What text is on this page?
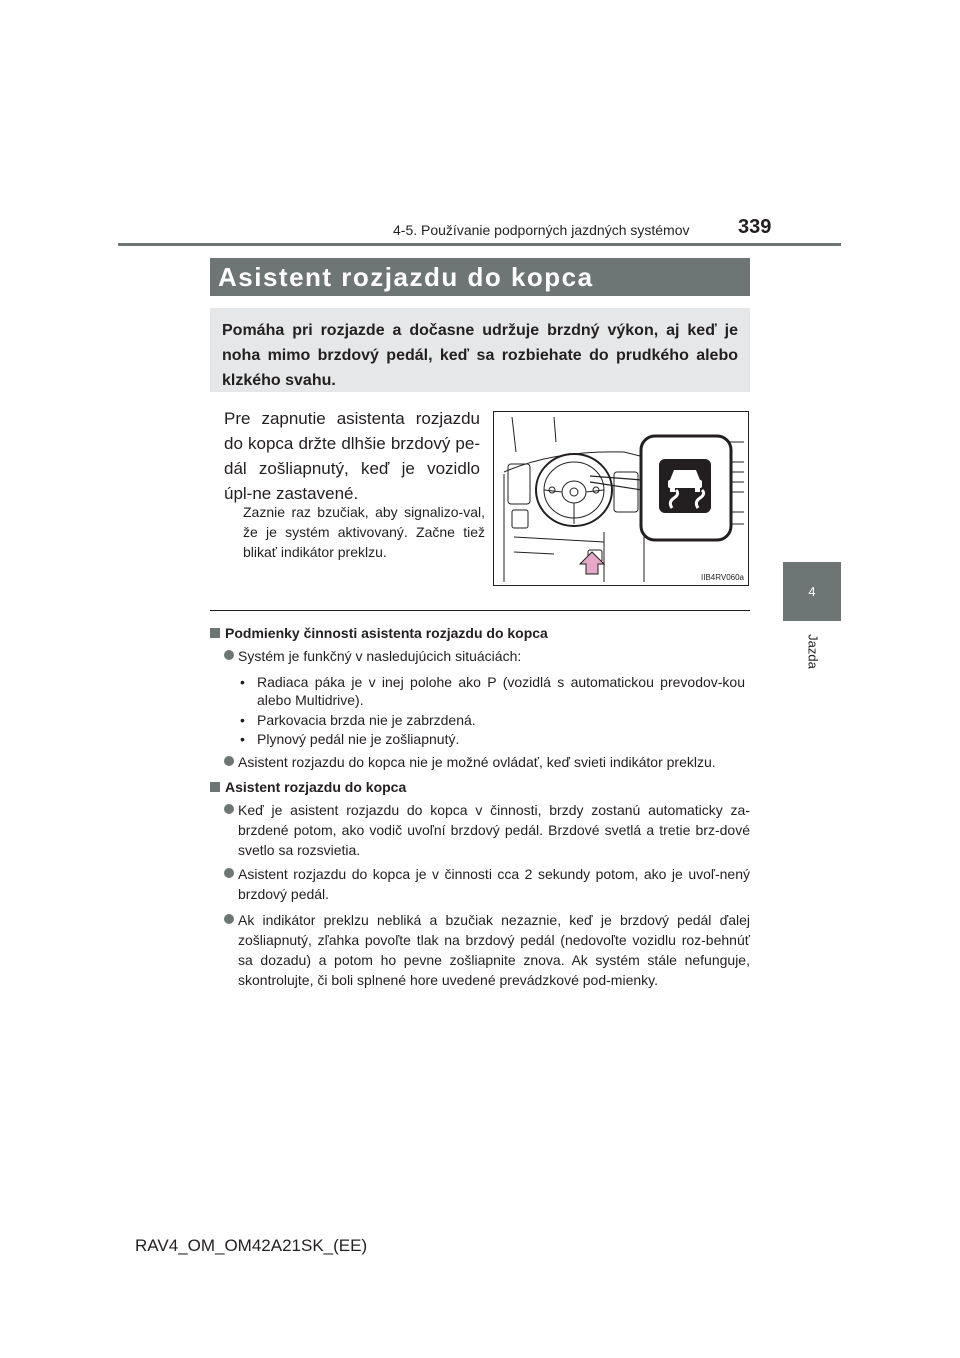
4-5. Používanie podporných jazdných systémov 339
4
Jazda
Asistent rozjazdu do kopca
Pomáha pri rozjazde a dočasne udržuje brzdný výkon, aj keď je noha mimo brzdový pedál, keď sa rozbiehate do prudkého alebo klzkého svahu.
Pre zapnutie asistenta rozjazdu do kopca držte dlhšie brzdový pe-dál zošliapnutý, keď je vozidlo úpl-ne zastavené.
Zaznie raz bzučiak, aby signalizo-val, že je systém aktivovaný. Začne tiež blikať indikátor preklzu.
IIB4RV060a
Podmienky činnosti asistenta rozjazdu do kopca
Systém je funkčný v nasledujúcich situáciách:
• Radiaca páka je v inej polohe ako P (vozidlá s automatickou prevodov-kou alebo Multidrive).
• Parkovacia brzda nie je zabrzdená.
• Plynový pedál nie je zošliapnutý.
Asistent rozjazdu do kopca nie je možné ovládať, keď svieti indikátor preklzu.
Asistent rozjazdu do kopca
Keď je asistent rozjazdu do kopca v činnosti, brzdy zostanú automaticky za-brzdené potom, ako vodič uvoľní brzdový pedál. Brzdové svetlá a tretie brz-dové svetlo sa rozsvietia.
Asistent rozjazdu do kopca je v činnosti cca 2 sekundy potom, ako je uvoľ-nený brzdový pedál.
Ak indikátor preklzu nebliká a bzučiak nezaznie, keď je brzdový pedál ďalej zošliapnutý, zľahka povoľte tlak na brzdový pedál (nedovoľte vozidlu roz-behnúť sa dozadu) a potom ho pevne zošliapnite znova. Ak systém stále nefunguje, skontrolujte, či boli splnené hore uvedené prevádzkové pod-mienky.
RAV4_OM_OM42A21SK_(EE)
